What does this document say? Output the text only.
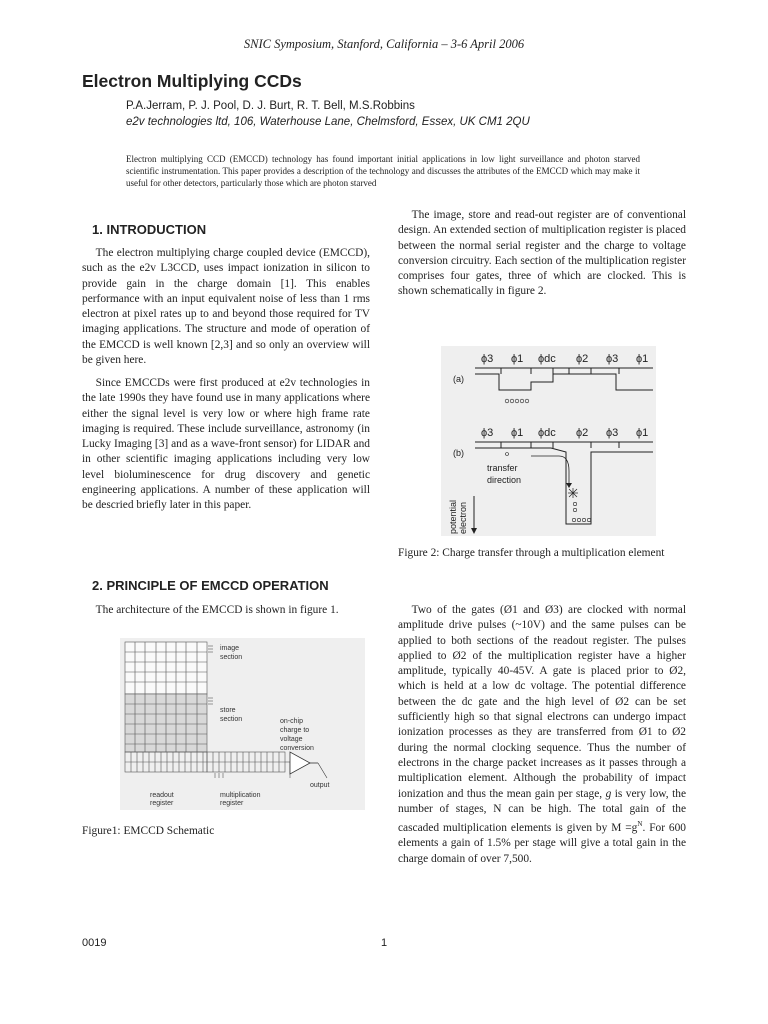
SNIC Symposium, Stanford, California – 3-6 April 2006
Electron Multiplying CCDs
P.A.Jerram, P. J. Pool, D. J. Burt, R. T. Bell, M.S.Robbins
e2v technologies ltd, 106, Waterhouse Lane, Chelmsford, Essex, UK CM1 2QU
Electron multiplying CCD (EMCCD) technology has found important initial applications in low light surveillance and photon starved scientific instrumentation. This paper provides a description of the technology and discusses the attributes of the EMCCD which may make it useful for other detectors, particularly those which are photon starved
1. INTRODUCTION
The electron multiplying charge coupled device (EMCCD), such as the e2v L3CCD, uses impact ionization in silicon to provide gain in the charge domain [1]. This enables performance with an input equivalent noise of less than 1 rms electron at pixel rates up to and beyond those required for TV imaging applications. The structure and mode of operation of the EMCCD is well known [2,3] and so only an overview will be given here.
Since EMCCDs were first produced at e2v technologies in the late 1990s they have found use in many applications where either the signal level is very low or where high frame rate imaging is required. These include surveillance, astronomy (in Lucky Imaging [3] and as a wave-front sensor) for LIDAR and in other scientific imaging applications including very low level bioluminescence for drug discovery and genetic engineering applications. A number of these application will be descried briefly later in this paper.
2. PRINCIPLE OF EMCCD OPERATION
The architecture of the EMCCD is shown in figure 1.
image
section
store
section	on-chip
charge to
voltage
conversion
output
readout
register
multiplication
register
Figure1: EMCCD Schematic
The image, store and read-out register are of conventional design. An extended section of multiplication register is placed between the normal serial register and the charge to voltage conversion circuitry. Each section of the multiplication register comprises four gates, three of which are clocked. This is shown schematically in figure 2.
ϕ3 ϕ1 ϕdc ϕ2 ϕ3 ϕ1
(a)
ϕ3 ϕ1 ϕdc ϕ2 ϕ3 ϕ1
(b)
transfer
direction
electron
potential
Figure 2: Charge transfer through a multiplication element
Two of the gates (Ø1 and Ø3) are clocked with normal amplitude drive pulses (~10V) and the same pulses can be applied to both sections of the readout register. The pulses applied to Ø2 of the multiplication register have a higher amplitude, typically 40-45V. A gate is placed prior to Ø2, which is held at a low dc voltage. The potential difference between the dc gate and the high level of Ø2 can be set sufficiently high so that signal electrons can undergo impact ionization processes as they are transferred from Ø1 to Ø2 during the normal clocking sequence. Thus the number of electrons in the charge packet increases as it passes through a multiplication element. Although the probability of impact ionization and thus the mean gain per stage, g is very low, the number of stages, N can be high. The total gain of the cascaded multiplication elements is given by $M =g^N$. For 600 elements a gain of 1.5% per stage will give a total gain in the charge domain of over 7,500.
0019	1
